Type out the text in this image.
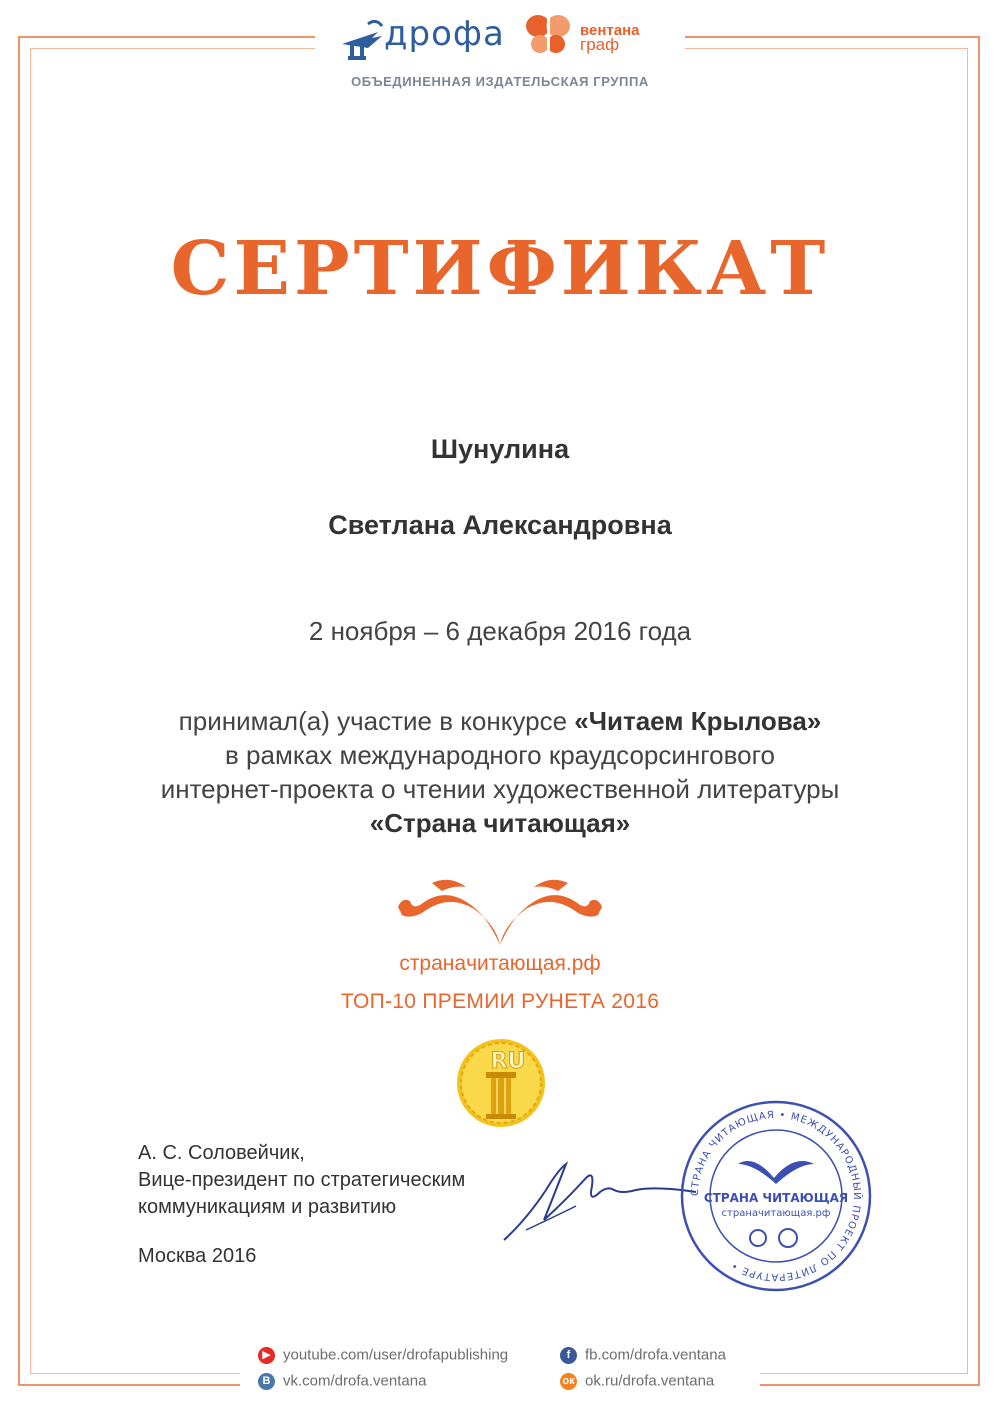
дрофа	вентана
граф
ОБЪЕДИНЕННАЯ ИЗДАТЕЛЬСКАЯ ГРУППА
СЕРТИФИКАТ
Шунулина
Светлана Александровна
2 ноября – 6 декабря 2016 года
принимал(а) участие в конкурсе «Читаем Крылова»
в рамках международного краудсорсингового
интернет-проекта о чтении художественной литературы
«Страна читающая»
странaчитающая.рф
ТОП-10 ПРЕМИИ РУНЕТА 2016
RU
А. С. Соловейчик,
Вице-президент по стратегическим
коммуникациям и развитию
Москва 2016
СТРАНА ЧИТАЮЩАЯ • МЕЖДУНАРОДНЫЙ ПРОЕКТ ПО ЛИТЕРАТУРЕ •
СТРАНА ЧИТАЮЩАЯ
странaчитающая.рф
▶ youtube.com/user/drofapublishing
B vk.com/drofa.ventana
f fb.com/drofa.ventana
ок ok.ru/drofa.ventana
